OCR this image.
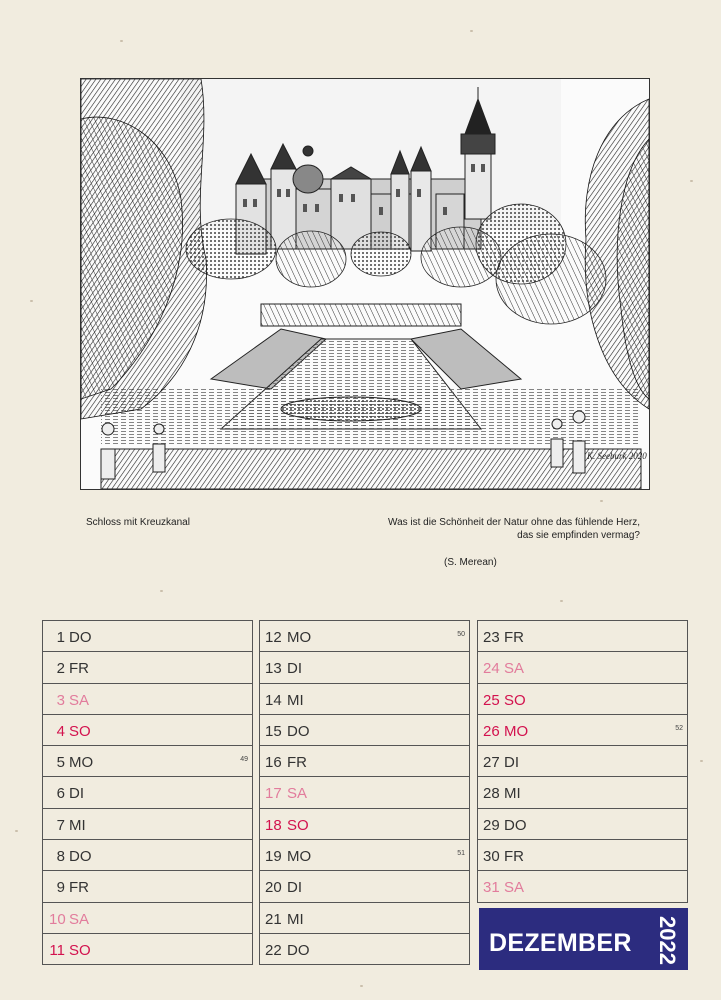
K. Seeburk 2020
Schloss mit Kreuzkanal	Was ist die Schönheit der Natur ohne das fühlende Herz,
das sie empfinden vermag?
(S. Merean)
1 DO
2 FR
3 SA
4 SO
5 MO	49
6 DI
7 MI
8 DO
9 FR
10 SA
11 SO
12 MO	50
13 DI
14 MI
15 DO
16 FR
17 SA
18 SO
19 MO	51
20 DI
21 MI
22 DO
23 FR
24 SA
25 SO
26 MO	52
27 DI
28 MI
29 DO
30 FR
31 SA
DEZEMBER	2022
